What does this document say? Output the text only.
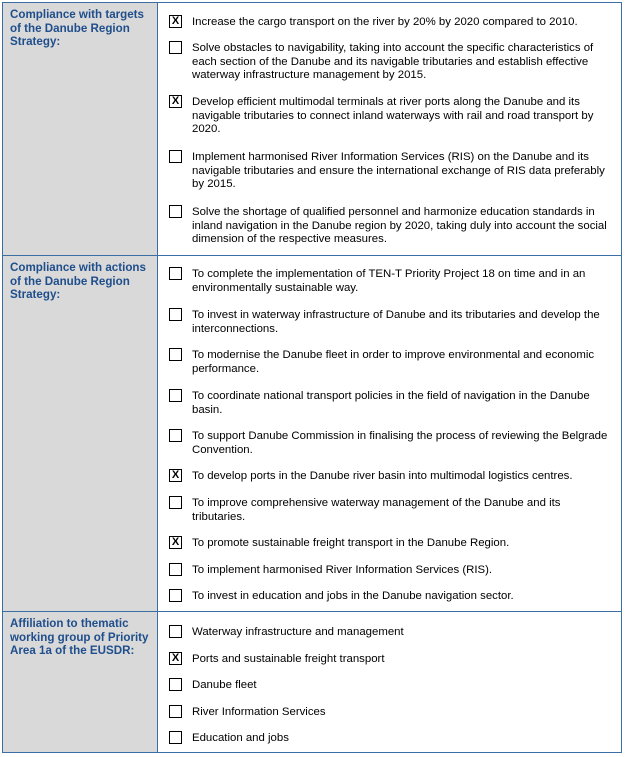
Compliance with targets of the Danube Region Strategy:
X Increase the cargo transport on the river by 20% by 2020 compared to 2010.
Solve obstacles to navigability, taking into account the specific characteristics of each section of the Danube and its navigable tributaries and establish effective waterway infrastructure management by 2015.
X Develop efficient multimodal terminals at river ports along the Danube and its navigable tributaries to connect inland waterways with rail and road transport by 2020.
Implement harmonised River Information Services (RIS) on the Danube and its navigable tributaries and ensure the international exchange of RIS data preferably by 2015.
Solve the shortage of qualified personnel and harmonize education standards in inland navigation in the Danube region by 2020, taking duly into account the social dimension of the respective measures.
Compliance with actions of the Danube Region Strategy:
To complete the implementation of TEN-T Priority Project 18 on time and in an environmentally sustainable way.
To invest in waterway infrastructure of Danube and its tributaries and develop the interconnections.
To modernise the Danube fleet in order to improve environmental and economic performance.
To coordinate national transport policies in the field of navigation in the Danube basin.
To support Danube Commission in finalising the process of reviewing the Belgrade Convention.
X To develop ports in the Danube river basin into multimodal logistics centres.
To improve comprehensive waterway management of the Danube and its tributaries.
X To promote sustainable freight transport in the Danube Region.
To implement harmonised River Information Services (RIS).
To invest in education and jobs in the Danube navigation sector.
Affiliation to thematic working group of Priority Area 1a of the EUSDR:
Waterway infrastructure and management
X Ports and sustainable freight transport
Danube fleet
River Information Services
Education and jobs
